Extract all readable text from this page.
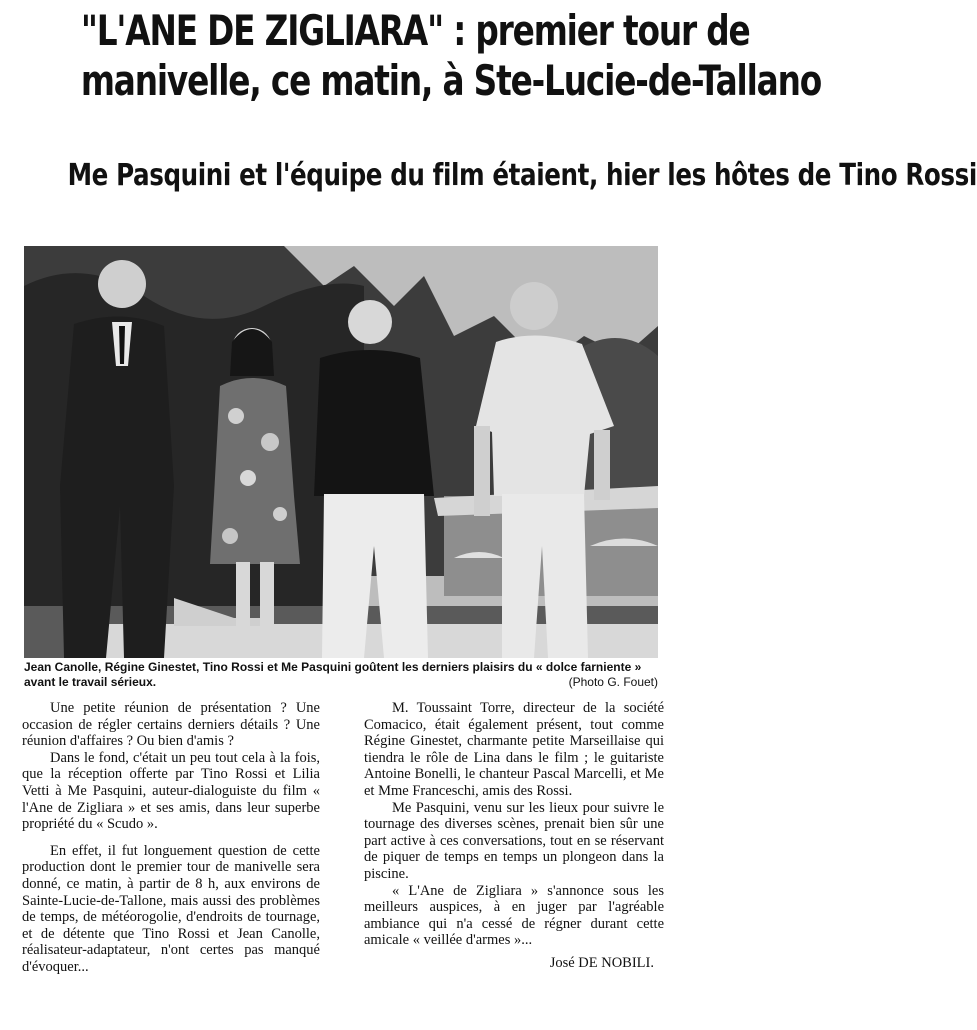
"L'ANE DE ZIGLIARA" : premier tour de
manivelle, ce matin, à Ste-Lucie-de-Tallano
Me Pasquini et l'équipe du film étaient, hier les hôtes de Tino Rossi
Jean Canolle, Régine Ginestet, Tino Rossi et Me Pasquini goûtent les derniers plaisirs du « dolce farniente » avant le travail sérieux.	(Photo G. Fouet)

Une petite réunion de présentation ? Une occasion de régler certains derniers détails ? Une réunion d'affaires ? Ou bien d'amis ?

Dans le fond, c'était un peu tout cela à la fois, que la réception offerte par Tino Rossi et Lilia Vetti à Me Pasquini, auteur-dialoguiste du film « l'Ane de Zigliara » et ses amis, dans leur superbe propriété du « Scudo ».

En effet, il fut longuement question de cette production dont le premier tour de manivelle sera donné, ce matin, à partir de 8 h, aux environs de Sainte-Lucie-de-Tallone, mais aussi des problèmes de temps, de météorogolie, d'endroits de tournage, et de détente que Tino Rossi et Jean Canolle, réalisateur-adaptateur, n'ont certes pas manqué d'évoquer...

M. Toussaint Torre, directeur de la société Comacico, était également présent, tout comme Régine Ginestet, charmante petite Marseillaise qui tiendra le rôle de Lina dans le film ; le guitariste Antoine Bonelli, le chanteur Pascal Marcelli, et Me et Mme Franceschi, amis des Rossi.

Me Pasquini, venu sur les lieux pour suivre le tournage des diverses scènes, prenait bien sûr une part active à ces conversations, tout en se réservant de piquer de temps en temps un plongeon dans la piscine.

« L'Ane de Zigliara » s'annonce sous les meilleurs auspices, à en juger par l'agréable ambiance qui n'a cessé de régner durant cette amicale « veillée d'armes »...

José DE NOBILI.
